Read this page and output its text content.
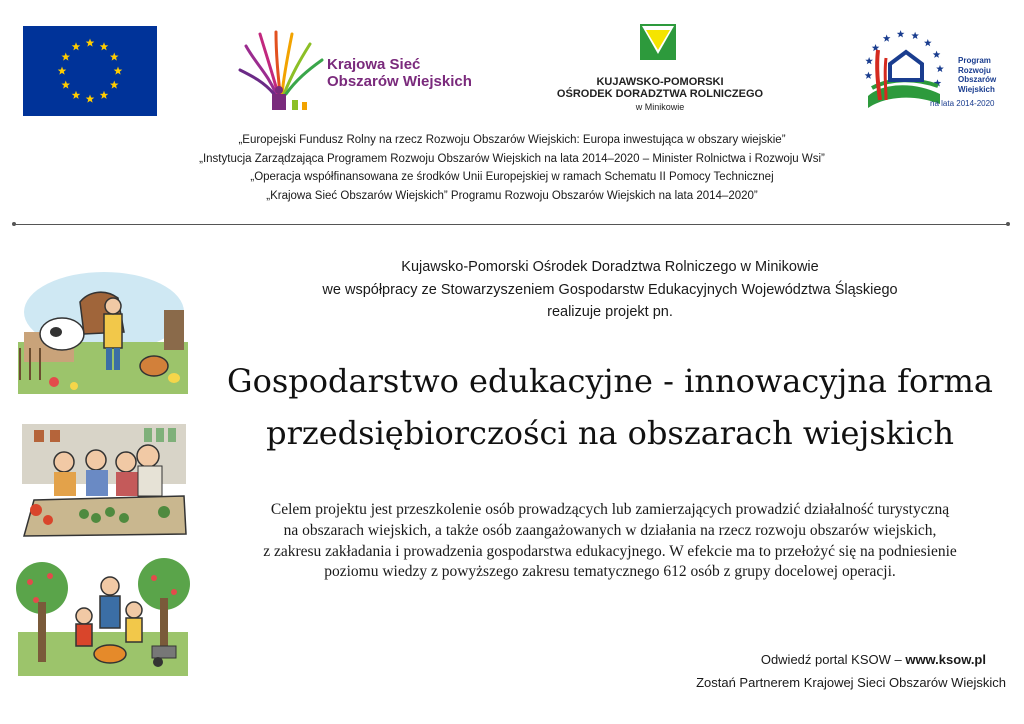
Krajowa Sieć
Obszarów Wiejskich	KUJAWSKO-POMORSKI
OŚRODEK DORADZTWA ROLNICZEGO
w Minikowie
Program
Rozwoju
Obszarów
Wiejskich
na lata 2014-2020
„Europejski Fundusz Rolny na rzecz Rozwoju Obszarów Wiejskich: Europa inwestująca w obszary wiejskie”
„Instytucja Zarządzająca Programem Rozwoju Obszarów Wiejskich na lata 2014–2020 – Minister Rolnictwa i Rozwoju Wsi”
„Operacja współfinansowana ze środków Unii Europejskiej w ramach Schematu II Pomocy Technicznej
„Krajowa Sieć Obszarów Wiejskich” Programu Rozwoju Obszarów Wiejskich na lata 2014–2020”
Kujawsko-Pomorski Ośrodek Doradztwa Rolniczego w Minikowie
we współpracy ze Stowarzyszeniem Gospodarstw Edukacyjnych Województwa Śląskiego
realizuje projekt pn.
Gospodarstwo edukacyjne - innowacyjna forma
przedsiębiorczości na obszarach wiejskich
Celem projektu jest przeszkolenie osób prowadzących lub zamierzających prowadzić działalność turystyczną
na obszarach wiejskich, a także osób zaangażowanych w działania na rzecz rozwoju obszarów wiejskich,
z zakresu zakładania i prowadzenia gospodarstwa edukacyjnego. W efekcie ma to przełożyć się na podniesienie
poziomu wiedzy z powyższego zakresu tematycznego 612 osób z grupy docelowej operacji.
Odwiedź portal KSOW – www.ksow.pl
Zostań Partnerem Krajowej Sieci Obszarów Wiejskich
